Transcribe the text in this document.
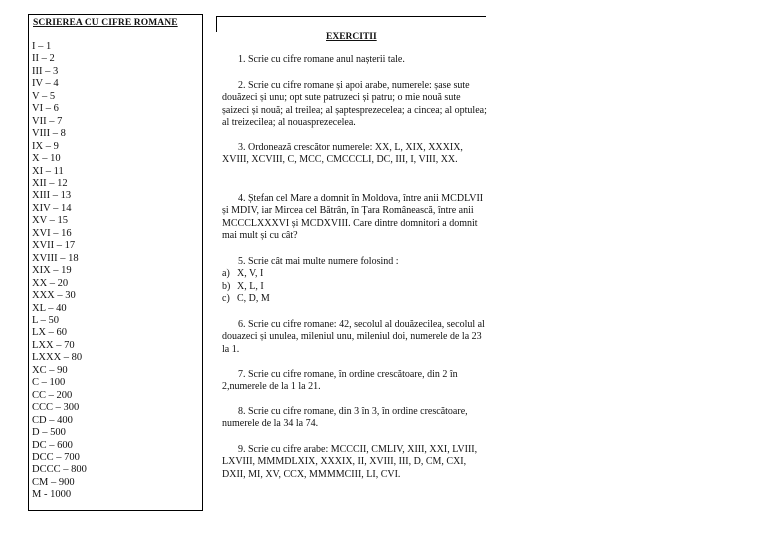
SCRIEREA CU CIFRE ROMANE
I – 1
II – 2
III – 3
IV – 4
V – 5
VI – 6
VII – 7
VIII – 8
IX – 9
X – 10
XI – 11
XII – 12
XIII – 13
XIV – 14
XV – 15
XVI – 16
XVII – 17
XVIII – 18
XIX – 19
XX – 20
XXX – 30
XL – 40
L – 50
LX – 60
LXX – 70
LXXX – 80
XC – 90
C – 100
CC – 200
CCC – 300
CD – 400
D – 500
DC – 600
DCC – 700
DCCC – 800
CM – 900
M - 1000
EXERCITII

1. Scrie cu cifre romane anul nașterii tale.

2. Scrie cu cifre romane și apoi arabe, numerele: șase sute douăzeci și unu; opt sute patruzeci și patru; o mie nouă sute șaizeci și nouă; al treilea; al șaptesprezecelea; a cincea; al optulea; al treizecilea; al nouasprezecelea.

3. Ordonează crescător numerele: XX, L, XIX, XXXIX, XVIII, XCVIII, C, MCC, CMCCCLI, DC, III, I, VIII, XX.

4. Ștefan cel Mare a domnit în Moldova, între anii MCDLVII și MDIV, iar Mircea cel Bătrân, în Țara Românească, între anii MCCCLXXXVI și MCDXVIII. Care dintre domnitori a domnit mai mult și cu cât?

5. Scrie cât mai multe numere folosind :

a) X, V, I
b) X, L, I
c) C, D, M

6. Scrie cu cifre romane: 42, secolul al douăzecilea, secolul al douazeci și unulea, mileniul unu, mileniul doi, numerele de la 23 la 1.

7. Scrie cu cifre romane, în ordine crescătoare, din 2 în 2,numerele de la 1 la 21.

8. Scrie cu cifre romane, din 3 în 3, în ordine crescătoare, numerele de la 34 la 74.

9. Scrie cu cifre arabe: MCCCII, CMLIV, XIII, XXI, LVIII, LXVIII, MMMDLXIX, XXXIX, II, XVIII, III, D, CM, CXI, DXII, MI, XV, CCX, MMMMCIII, LI, CVI.
